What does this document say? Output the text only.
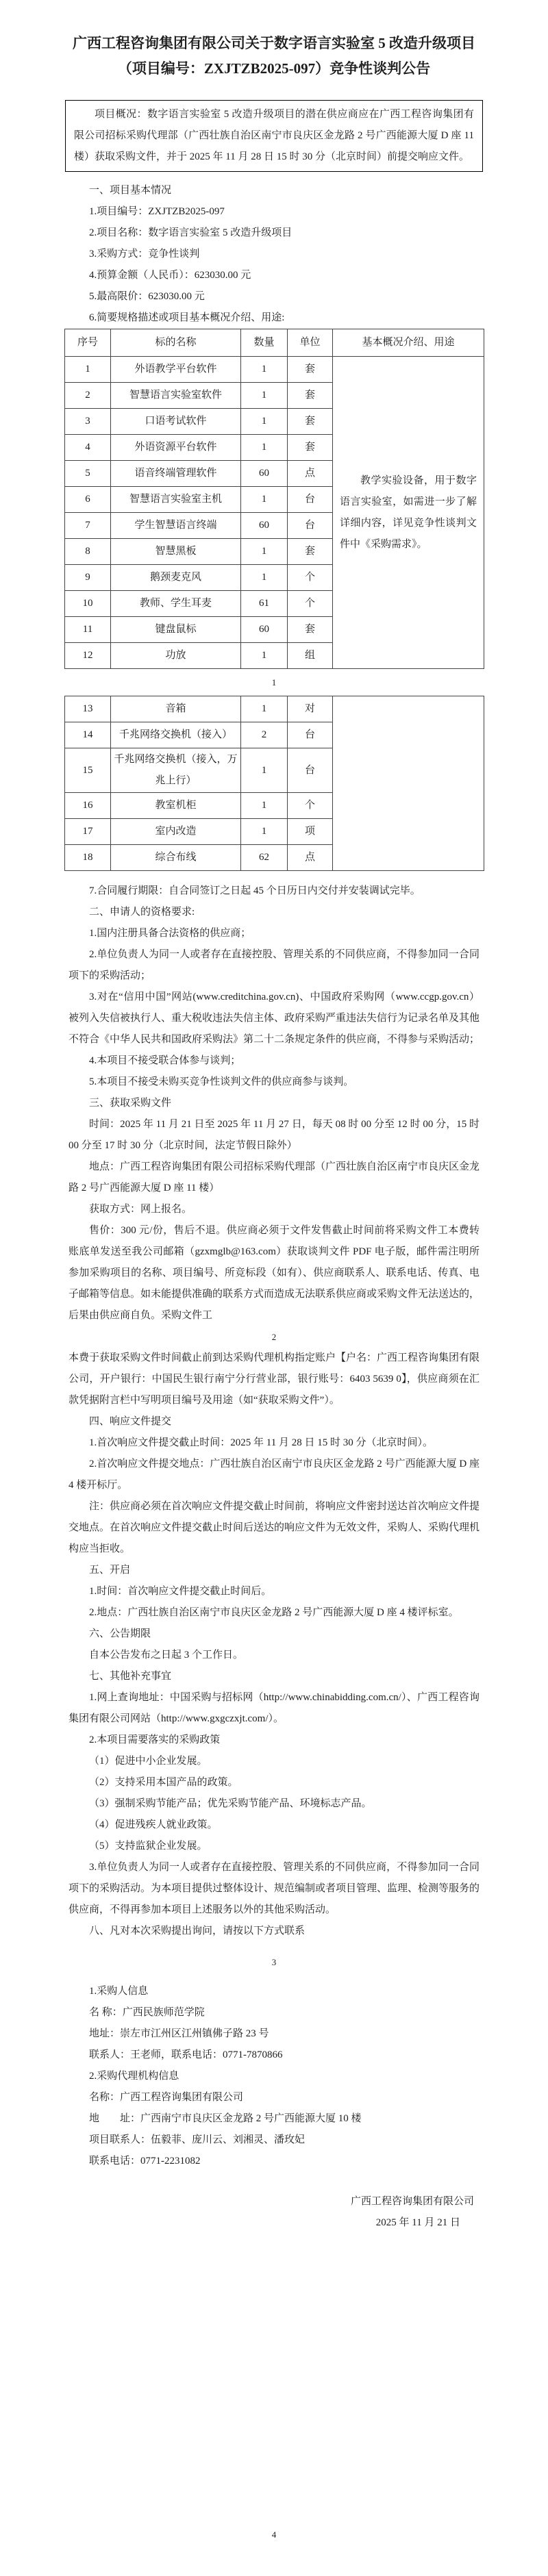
广西工程咨询集团有限公司关于数字语言实验室 5 改造升级项目
（项目编号：ZXJTZB2025-097）竞争性谈判公告

项目概况：数字语言实验室 5 改造升级项目的潜在供应商应在广西工程咨询集团有限公司招标采购代理部（广西壮族自治区南宁市良庆区金龙路 2 号广西能源大厦 D 座 11 楼）获取采购文件，并于 2025 年 11 月 28 日 15 时 30 分（北京时间）前提交响应文件。

一、项目基本情况

1.项目编号：ZXJTZB2025-097

2.项目名称：数字语言实验室 5 改造升级项目

3.采购方式：竞争性谈判

4.预算金额（人民币）：623030.00 元

5.最高限价：623030.00 元

6.简要规格描述或项目基本概况介绍、用途:

序号	标的名称	数量	单位	基本概况介绍、用途
1	外语教学平台软件	1	套	教学实验设备，用于数字语言实验室，如需进一步了解详细内容，详见竞争性谈判文件中《采购需求》。
2	智慧语言实验室软件	1	套	
3	口语考试软件	1	套	
4	外语资源平台软件	1	套	
5	语音终端管理软件	60	点	
6	智慧语言实验室主机	1	台	
7	学生智慧语言终端	60	台	
8	智慧黑板	1	套	
9	鹅颈麦克风	1	个	
10	教师、学生耳麦	61	个	
11	键盘鼠标	60	套	
12	功放	1	组	
1
13	音箱	1	对	
14	千兆网络交换机（接入）	2	台	
15	千兆网络交换机（接入，万兆上行）	1	台	
16	教室机柜	1	个	
17	室内改造	1	项	
18	综合布线	62	点	

7.合同履行期限：自合同签订之日起 45 个日历日内交付并安装调试完毕。

二、申请人的资格要求:

1.国内注册具备合法资格的供应商；

2.单位负责人为同一人或者存在直接控股、管理关系的不同供应商，不得参加同一合同项下的采购活动；

3.对在“信用中国”网站(www.creditchina.gov.cn)、中国政府采购网（www.ccgp.gov.cn）被列入失信被执行人、重大税收违法失信主体、政府采购严重违法失信行为记录名单及其他不符合《中华人民共和国政府采购法》第二十二条规定条件的供应商，不得参与采购活动；

4.本项目不接受联合体参与谈判；

5.本项目不接受未购买竞争性谈判文件的供应商参与谈判。

三、获取采购文件

时间：2025 年 11 月 21 日至 2025 年 11 月 27 日，每天 08 时 00 分至 12 时 00 分，15 时 00 分至 17 时 30 分（北京时间，法定节假日除外）

地点：广西工程咨询集团有限公司招标采购代理部（广西壮族自治区南宁市良庆区金龙路 2 号广西能源大厦 D 座 11 楼）

获取方式：网上报名。

售价：300 元/份，售后不退。供应商必须于文件发售截止时间前将采购文件工本费转账底单发送至我公司邮箱（gzxmglb@163.com）获取谈判文件 PDF 电子版，邮件需注明所参加采购项目的名称、项目编号、所竞标段（如有）、供应商联系人、联系电话、传真、电子邮箱等信息。如未能提供准确的联系方式而造成无法联系供应商或采购文件无法送达的，后果由供应商自负。采购文件工

2

本费于获取采购文件时间截止前到达采购代理机构指定账户【户名：广西工程咨询集团有限公司，开户银行：中国民生银行南宁分行营业部，银行账号：6403 5639 0】，供应商须在汇款凭据附言栏中写明项目编号及用途（如“获取采购文件”）。

四、响应文件提交

1.首次响应文件提交截止时间：2025 年 11 月 28 日 15 时 30 分（北京时间）。

2.首次响应文件提交地点：广西壮族自治区南宁市良庆区金龙路 2 号广西能源大厦 D 座 4 楼开标厅。

注：供应商必须在首次响应文件提交截止时间前，将响应文件密封送达首次响应文件提交地点。在首次响应文件提交截止时间后送达的响应文件为无效文件，采购人、采购代理机构应当拒收。

五、开启

1.时间：首次响应文件提交截止时间后。

2.地点：广西壮族自治区南宁市良庆区金龙路 2 号广西能源大厦 D 座 4 楼评标室。

六、公告期限

自本公告发布之日起 3 个工作日。

七、其他补充事宜

1.网上查询地址：中国采购与招标网（http://www.chinabidding.com.cn/）、广西工程咨询集团有限公司网站（http://www.gxgczxjt.com/）。

2.本项目需要落实的采购政策

（1）促进中小企业发展。

（2）支持采用本国产品的政策。

（3）强制采购节能产品；优先采购节能产品、环境标志产品。

（4）促进残疾人就业政策。

（5）支持监狱企业发展。

3.单位负责人为同一人或者存在直接控股、管理关系的不同供应商，不得参加同一合同项下的采购活动。为本项目提供过整体设计、规范编制或者项目管理、监理、检测等服务的供应商，不得再参加本项目上述服务以外的其他采购活动。

八、凡对本次采购提出询问，请按以下方式联系

3

1.采购人信息

名 称：广西民族师范学院

地址：崇左市江州区江州镇佛子路 23 号

联系人：王老师，联系电话：0771-7870866

2.采购代理机构信息

名称：广西工程咨询集团有限公司

地　　址：广西南宁市良庆区金龙路 2 号广西能源大厦 10 楼

项目联系人：伍毅菲、庞川云、刘湘灵、潘玫妃

联系电话：0771-2231082

广西工程咨询集团有限公司
2025 年 11 月 21 日
4
